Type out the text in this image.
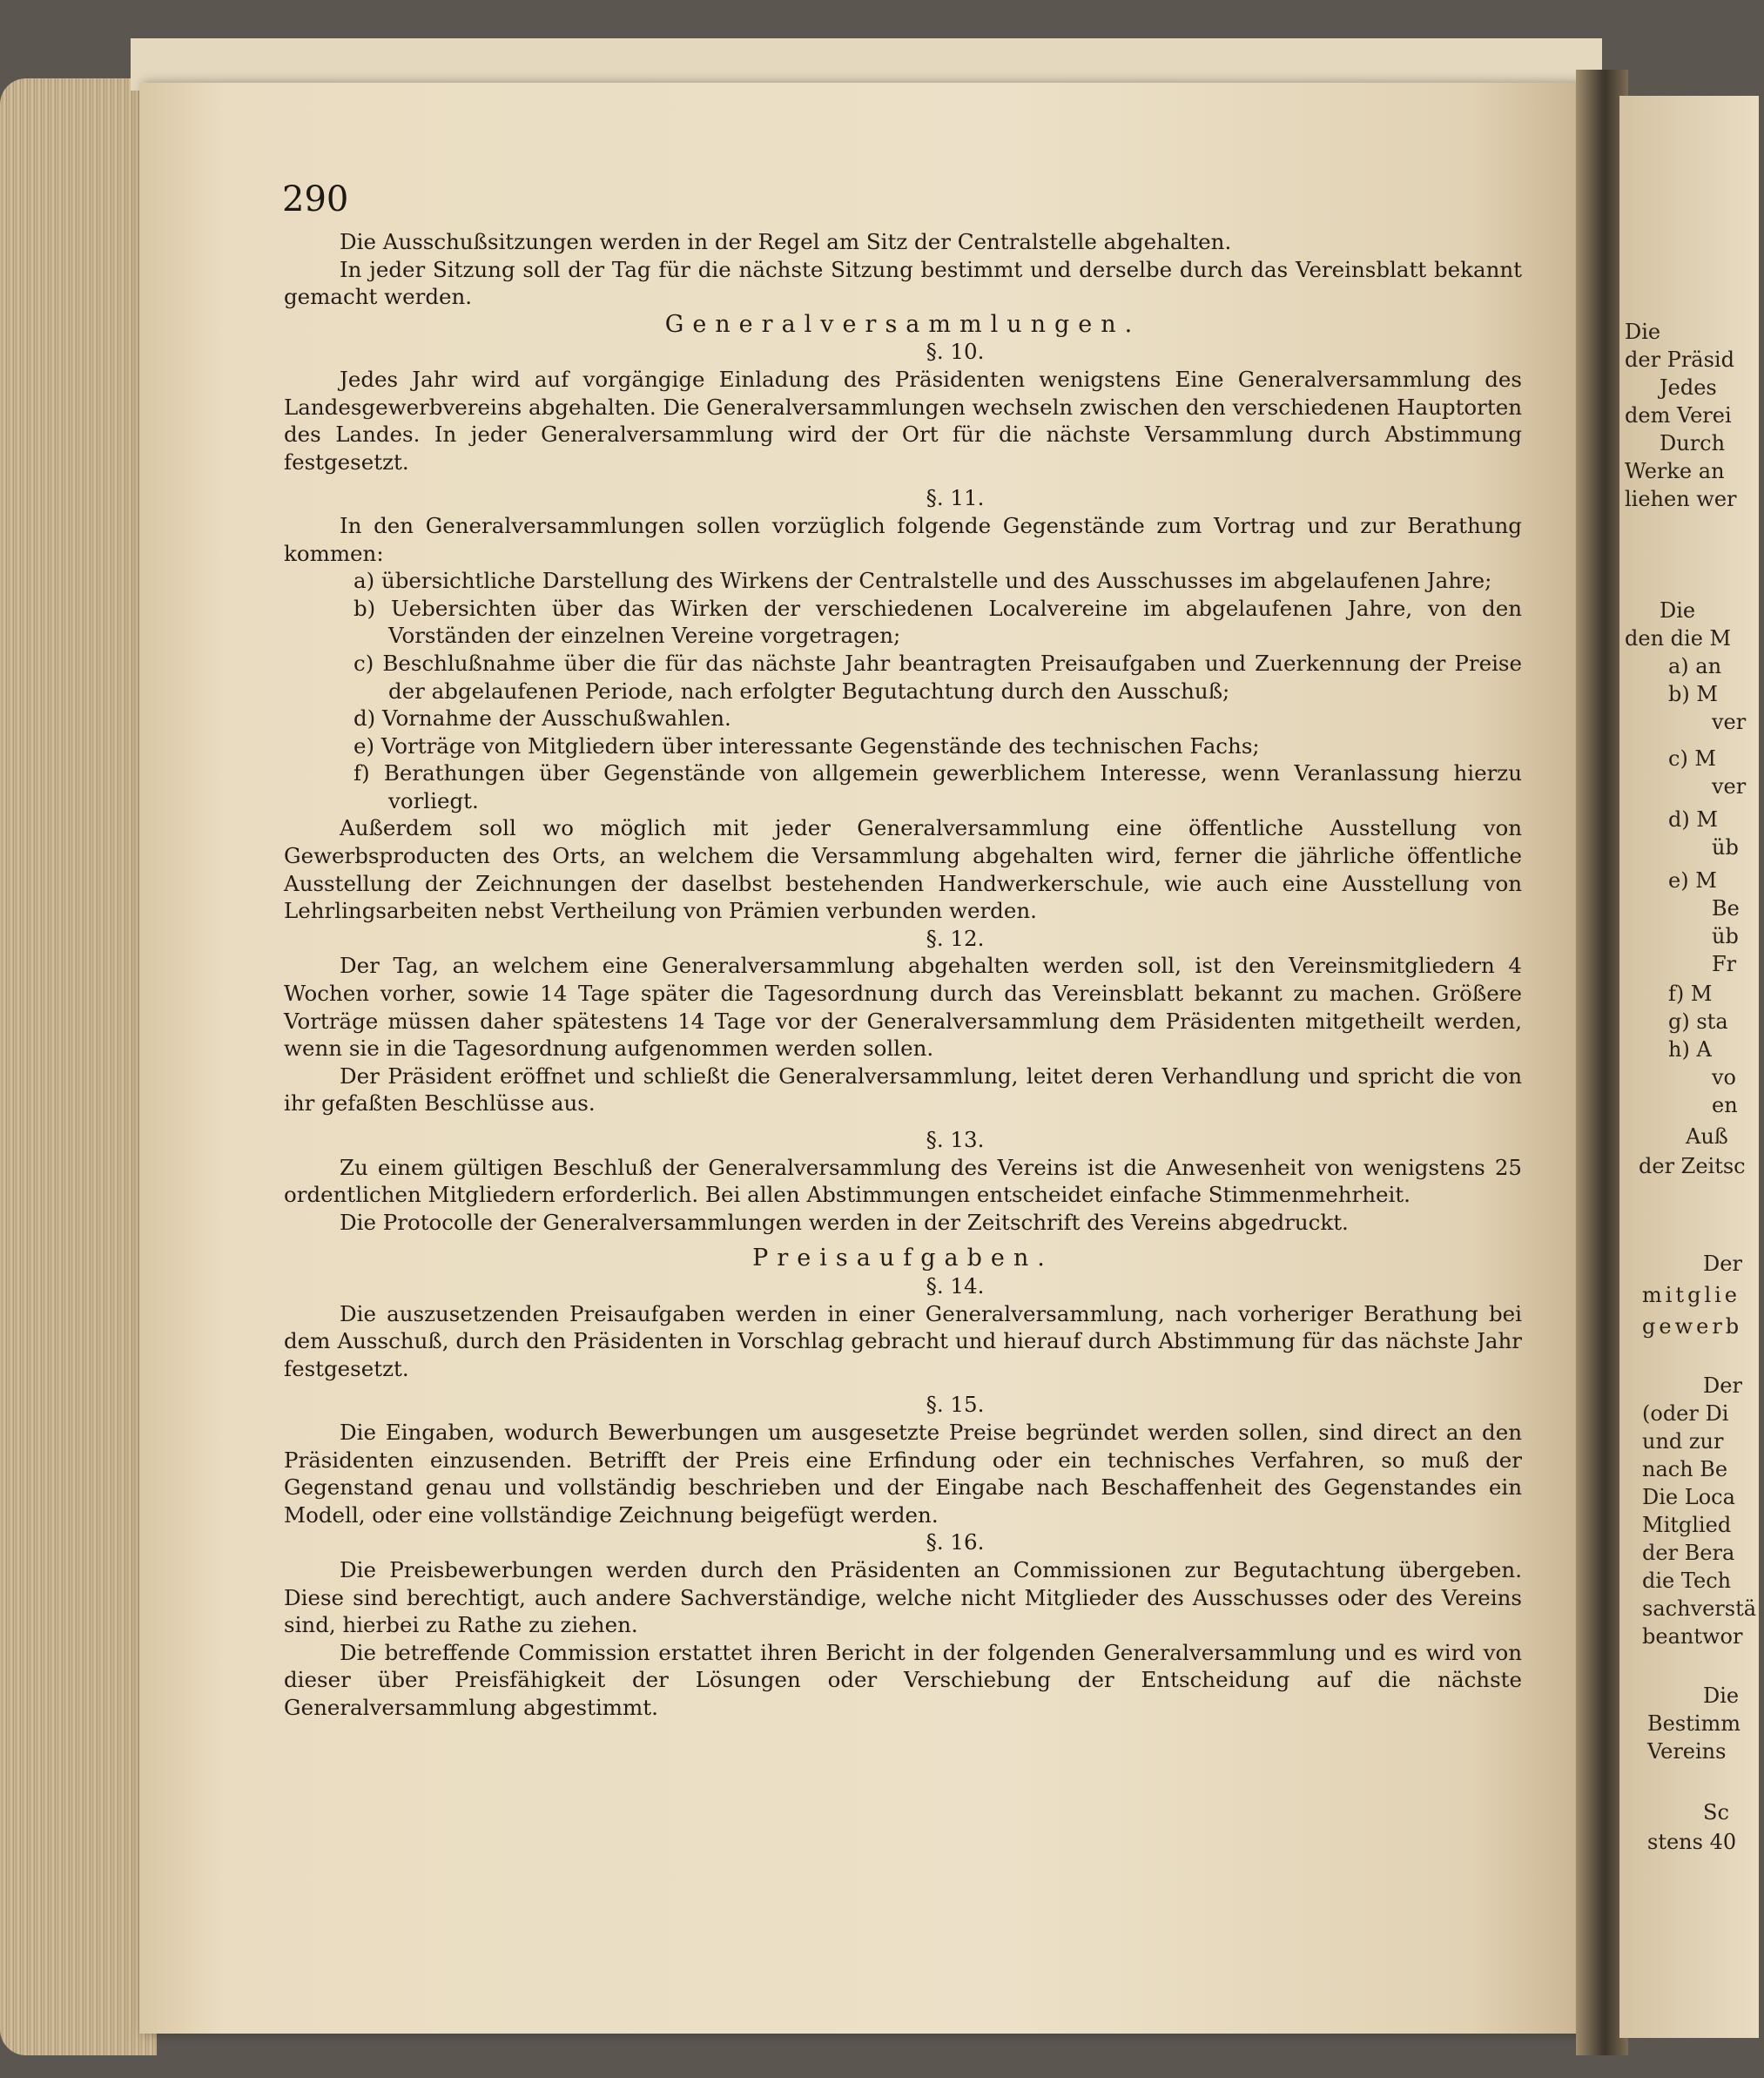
290

Die Ausschußsitzungen werden in der Regel am Sitz der Centralstelle abgehalten.

In jeder Sitzung soll der Tag für die nächste Sitzung bestimmt und derselbe durch das Vereinsblatt bekannt gemacht werden.

Generalversammlungen.

§. 10.

Jedes Jahr wird auf vorgängige Einladung des Präsidenten wenigstens Eine Generalversammlung des Landesgewerbvereins abgehalten. Die Generalversammlungen wechseln zwischen den verschiedenen Hauptorten des Landes. In jeder Generalversammlung wird der Ort für die nächste Versammlung durch Abstimmung festgesetzt.

§. 11.

In den Generalversammlungen sollen vorzüglich folgende Gegenstände zum Vortrag und zur Berathung kommen:

a) übersichtliche Darstellung des Wirkens der Centralstelle und des Ausschusses im abgelaufenen Jahre;

b) Uebersichten über das Wirken der verschiedenen Localvereine im abgelaufenen Jahre, von den Vorständen der einzelnen Vereine vorgetragen;

c) Beschlußnahme über die für das nächste Jahr beantragten Preisaufgaben und Zuerkennung der Preise der abgelaufenen Periode, nach erfolgter Begutachtung durch den Ausschuß;

d) Vornahme der Ausschußwahlen.

e) Vorträge von Mitgliedern über interessante Gegenstände des technischen Fachs;

f) Berathungen über Gegenstände von allgemein gewerblichem Interesse, wenn Veranlassung hierzu vorliegt.

Außerdem soll wo möglich mit jeder Generalversammlung eine öffentliche Ausstellung von Gewerbsproducten des Orts, an welchem die Versammlung abgehalten wird, ferner die jährliche öffentliche Ausstellung der Zeichnungen der daselbst bestehenden Handwerkerschule, wie auch eine Ausstellung von Lehrlingsarbeiten nebst Vertheilung von Prämien verbunden werden.

§. 12.

Der Tag, an welchem eine Generalversammlung abgehalten werden soll, ist den Vereinsmitgliedern 4 Wochen vorher, sowie 14 Tage später die Tagesordnung durch das Vereinsblatt bekannt zu machen. Größere Vorträge müssen daher spätestens 14 Tage vor der Generalversammlung dem Präsidenten mitgetheilt werden, wenn sie in die Tagesordnung aufgenommen werden sollen.

Der Präsident eröffnet und schließt die Generalversammlung, leitet deren Verhandlung und spricht die von ihr gefaßten Beschlüsse aus.

§. 13.

Zu einem gültigen Beschluß der Generalversammlung des Vereins ist die Anwesenheit von wenigstens 25 ordentlichen Mitgliedern erforderlich. Bei allen Abstimmungen entscheidet einfache Stimmenmehrheit.

Die Protocolle der Generalversammlungen werden in der Zeitschrift des Vereins abgedruckt.

Preisaufgaben.

§. 14.

Die auszusetzenden Preisaufgaben werden in einer Generalversammlung, nach vorheriger Berathung bei dem Ausschuß, durch den Präsidenten in Vorschlag gebracht und hierauf durch Abstimmung für das nächste Jahr festgesetzt.

§. 15.

Die Eingaben, wodurch Bewerbungen um ausgesetzte Preise begründet werden sollen, sind direct an den Präsidenten einzusenden. Betrifft der Preis eine Erfindung oder ein technisches Verfahren, so muß der Gegenstand genau und vollständig beschrieben und der Eingabe nach Beschaffenheit des Gegenstandes ein Modell, oder eine vollständige Zeichnung beigefügt werden.

§. 16.

Die Preisbewerbungen werden durch den Präsidenten an Commissionen zur Begutachtung übergeben. Diese sind berechtigt, auch andere Sachverständige, welche nicht Mitglieder des Ausschusses oder des Vereins sind, hierbei zu Rathe zu ziehen.

Die betreffende Commission erstattet ihren Bericht in der folgenden Generalversammlung und es wird von dieser über Preisfähigkeit der Lösungen oder Verschiebung der Entscheidung auf die nächste Generalversammlung abgestimmt.

Die
der Präsid
Jedes
dem Verei
Durch
Werke an
liehen wer
Die
den die M
a) an
b) M
ver
c) M
ver
d) M
üb
e) M
Be
üb
Fr
f) M
g) sta
h) A
vo
en
Auß
der Zeitsc
Der
mitglie
gewerb
Der
(oder Di
und zur
nach Be
Die Loca
Mitglied
der Bera
die Tech
sachverstä
beantwor
Die
Bestimm
Vereins
Sc
stens 40
